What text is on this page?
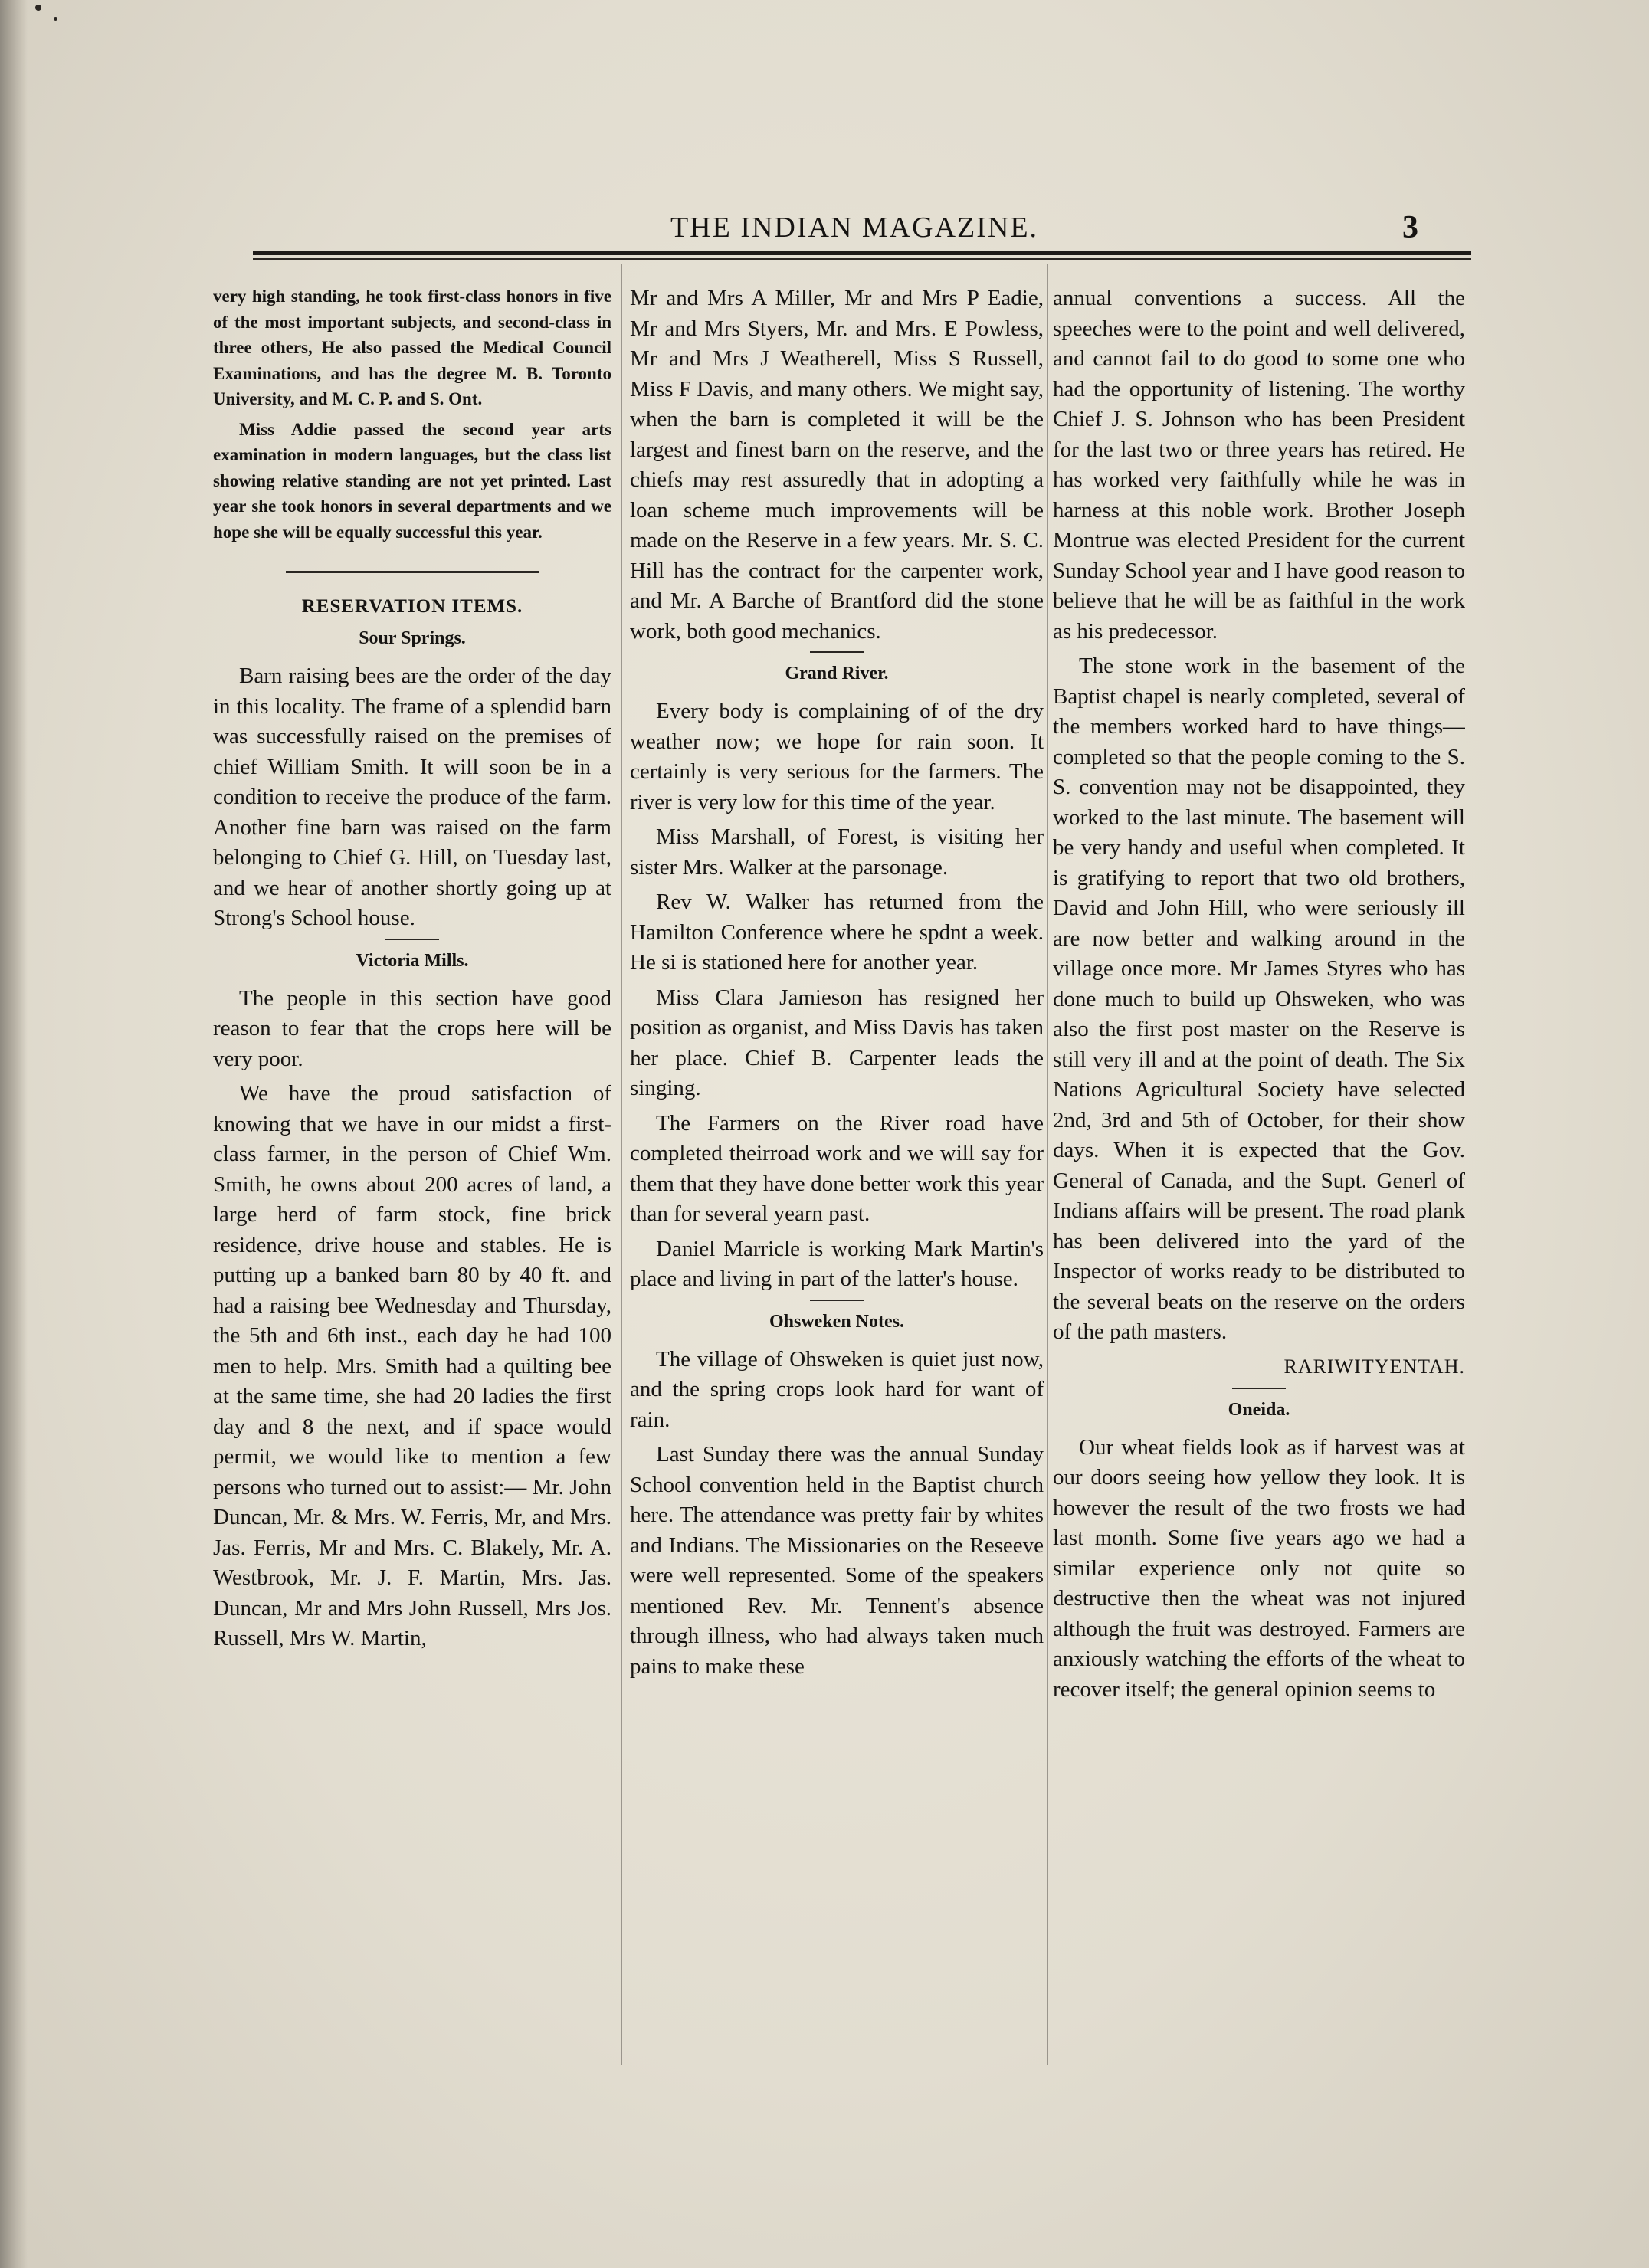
THE INDIAN MAGAZINE.	3

very high standing, he took first-class honors in five of the most important subjects, and second-class in three others, He also passed the Medical Council Examinations, and has the degree M. B. Toronto University, and M. C. P. and S. Ont.

Miss Addie passed the second year arts examination in modern languages, but the class list showing relative standing are not yet printed. Last year she took honors in several departments and we hope she will be equally successful this year.

RESERVATION ITEMS.
Sour Springs.

Barn raising bees are the order of the day in this locality. The frame of a splendid barn was successfully raised on the premises of chief William Smith. It will soon be in a condition to receive the produce of the farm. Another fine barn was raised on the farm belonging to Chief G. Hill, on Tuesday last, and we hear of another shortly going up at Strong's School house.

Victoria Mills.

The people in this section have good reason to fear that the crops here will be very poor.

We have the proud satisfaction of knowing that we have in our midst a first-class farmer, in the person of Chief Wm. Smith, he owns about 200 acres of land, a large herd of farm stock, fine brick residence, drive house and stables. He is putting up a banked barn 80 by 40 ft. and had a raising bee Wednesday and Thursday, the 5th and 6th inst., each day he had 100 men to help. Mrs. Smith had a quilting bee at the same time, she had 20 ladies the first day and 8 the next, and if space would permit, we would like to mention a few persons who turned out to assist:— Mr. John Duncan, Mr. & Mrs. W. Ferris, Mr, and Mrs. Jas. Ferris, Mr and Mrs. C. Blakely, Mr. A. Westbrook, Mr. J. F. Martin, Mrs. Jas. Duncan, Mr and Mrs John Russell, Mrs Jos. Russell, Mrs W. Martin,

Mr and Mrs A Miller, Mr and Mrs P Eadie, Mr and Mrs Styers, Mr. and Mrs. E Powless, Mr and Mrs J Weatherell, Miss S Russell, Miss F Davis, and many others. We might say, when the barn is completed it will be the largest and finest barn on the reserve, and the chiefs may rest assuredly that in adopting a loan scheme much improvements will be made on the Reserve in a few years. Mr. S. C. Hill has the contract for the carpenter work, and Mr. A Barche of Brantford did the stone work, both good mechanics.

Grand River.

Every body is complaining of of the dry weather now; we hope for rain soon. It certainly is very serious for the farmers. The river is very low for this time of the year.

Miss Marshall, of Forest, is visiting her sister Mrs. Walker at the parsonage.

Rev W. Walker has returned from the Hamilton Conference where he spdnt a week. He si is stationed here for another year.

Miss Clara Jamieson has resigned her position as organist, and Miss Davis has taken her place. Chief B. Carpenter leads the singing.

The Farmers on the River road have completed theirroad work and we will say for them that they have done better work this year than for several yearn past.

Daniel Marricle is working Mark Martin's place and living in part of the latter's house.

Ohsweken Notes.

The village of Ohsweken is quiet just now, and the spring crops look hard for want of rain.

Last Sunday there was the annual Sunday School convention held in the Baptist church here. The attendance was pretty fair by whites and Indians. The Missionaries on the Reseeve were well represented. Some of the speakers mentioned Rev. Mr. Tennent's absence through illness, who had always taken much pains to make these

annual conventions a success. All the speeches were to the point and well delivered, and cannot fail to do good to some one who had the opportunity of listening. The worthy Chief J. S. Johnson who has been President for the last two or three years has retired. He has worked very faithfully while he was in harness at this noble work. Brother Joseph Montrue was elected President for the current Sunday School year and I have good reason to believe that he will be as faithful in the work as his predecessor.

The stone work in the basement of the Baptist chapel is nearly completed, several of the members worked hard to have things—completed so that the people coming to the S. S. convention may not be disappointed, they worked to the last minute. The basement will be very handy and useful when completed. It is gratifying to report that two old brothers, David and John Hill, who were seriously ill are now better and walking around in the village once more. Mr James Styres who has done much to build up Ohsweken, who was also the first post master on the Reserve is still very ill and at the point of death. The Six Nations Agricultural Society have selected 2nd, 3rd and 5th of October, for their show days. When it is expected that the Gov. General of Canada, and the Supt. Generl of Indians affairs will be present. The road plank has been delivered into the yard of the Inspector of works ready to be distributed to the several beats on the reserve on the orders of the path masters.

RARIWITYENTAH.
Oneida.

Our wheat fields look as if harvest was at our doors seeing how yellow they look. It is however the result of the two frosts we had last month. Some five years ago we had a similar experience only not quite so destructive then the wheat was not injured although the fruit was destroyed. Farmers are anxiously watching the efforts of the wheat to recover itself; the general opinion seems to
